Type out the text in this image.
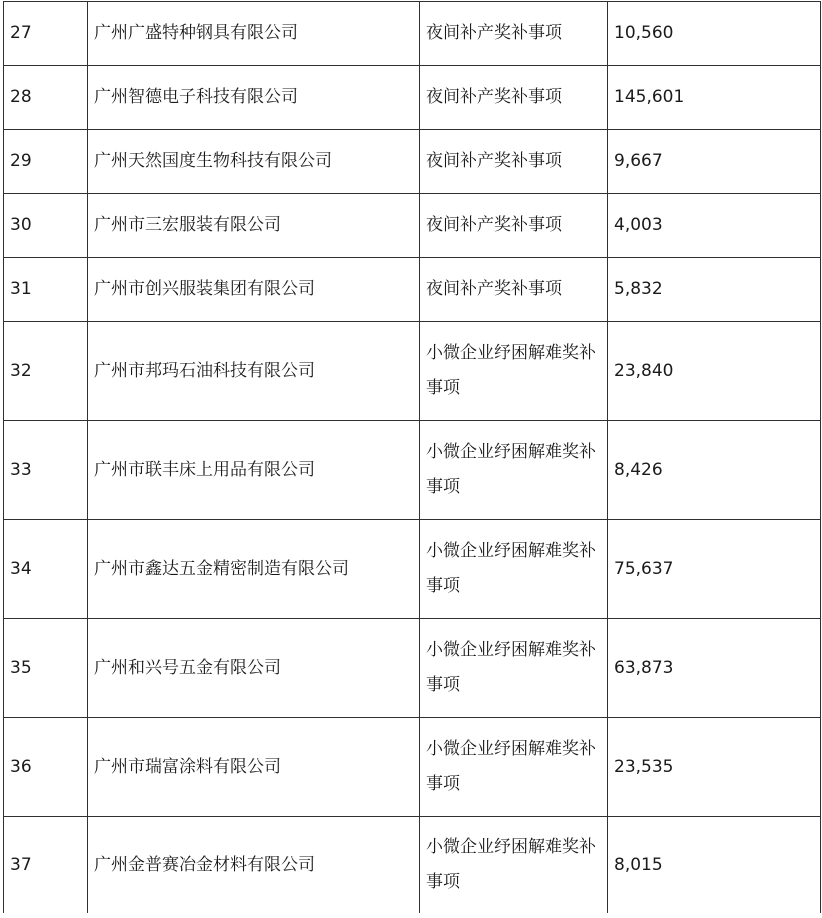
27	广州广盛特种钢具有限公司	夜间补产奖补事项	10,560
28	广州智德电子科技有限公司	夜间补产奖补事项	145,601
29	广州天然国度生物科技有限公司	夜间补产奖补事项	9,667
30	广州市三宏服装有限公司	夜间补产奖补事项	4,003
31	广州市创兴服装集团有限公司	夜间补产奖补事项	5,832
32	广州市邦玛石油科技有限公司	小微企业纾困解难奖补事项	23,840
33	广州市联丰床上用品有限公司	小微企业纾困解难奖补事项	8,426
34	广州市鑫达五金精密制造有限公司	小微企业纾困解难奖补事项	75,637
35	广州和兴号五金有限公司	小微企业纾困解难奖补事项	63,873
36	广州市瑞富涂料有限公司	小微企业纾困解难奖补事项	23,535
37	广州金普赛冶金材料有限公司	小微企业纾困解难奖补事项	8,015
